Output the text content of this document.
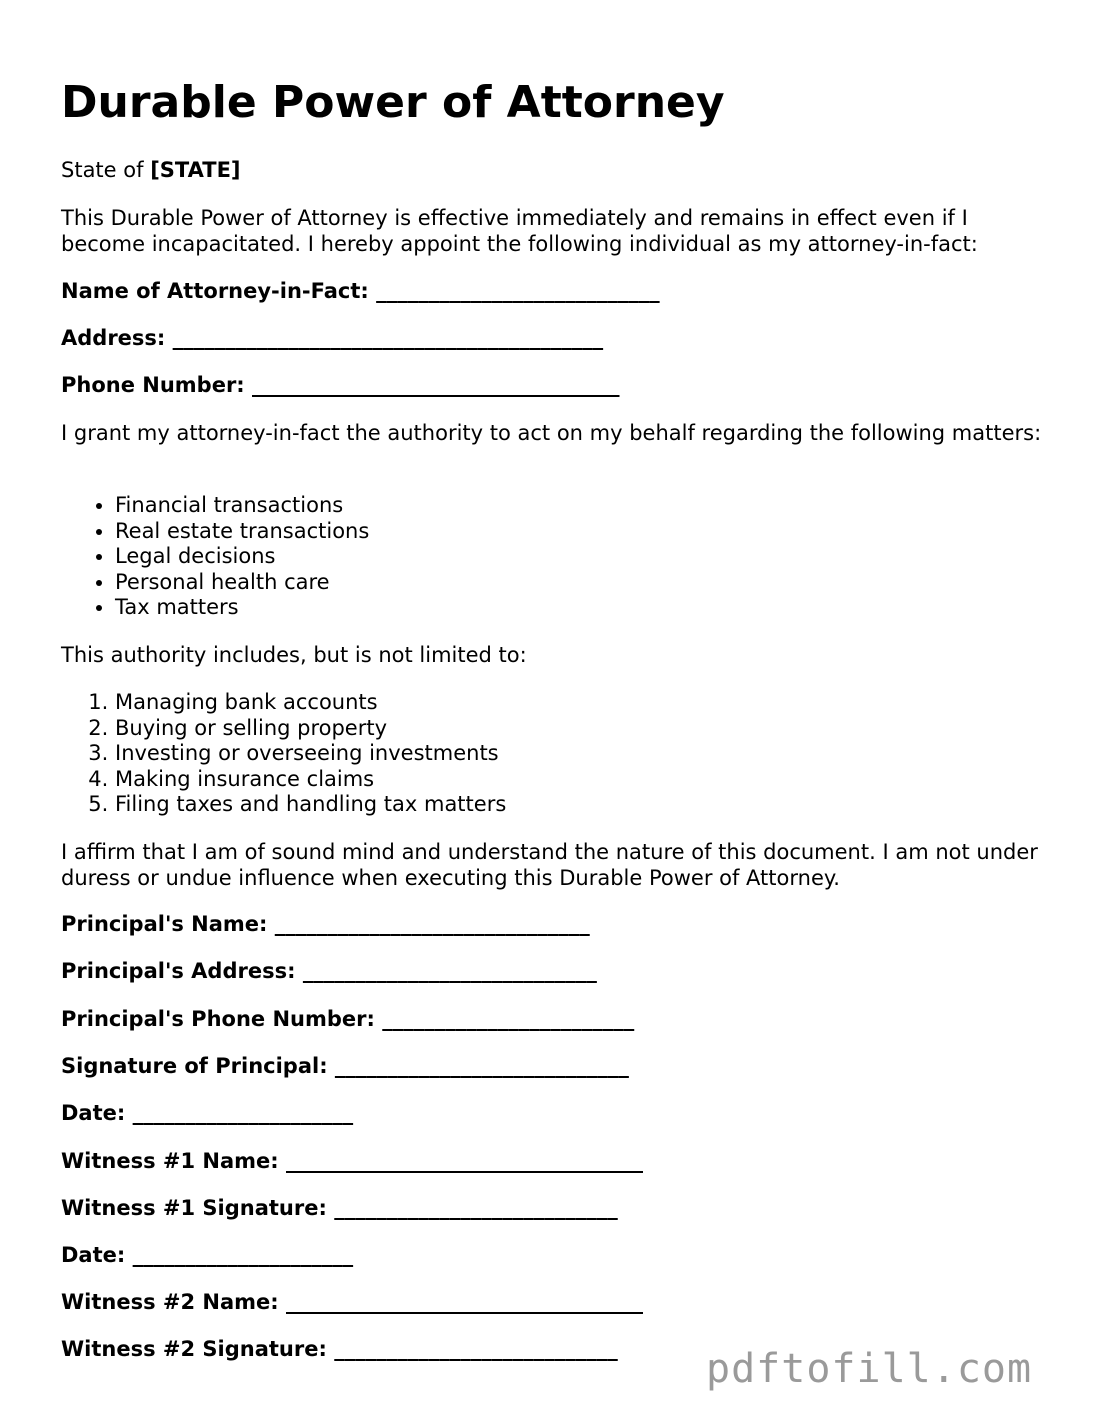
Durable Power of Attorney

State of [STATE]

This Durable Power of Attorney is effective immediately and remains in effect even if I become incapacitated. I hereby appoint the following individual as my attorney-in-fact:

Name of Attorney-in-Fact: ___________________________

Address: _________________________________________

Phone Number: ___________________________________

I grant my attorney-in-fact the authority to act on my behalf regarding the following matters:

• Financial transactions
• Real estate transactions
• Legal decisions
• Personal health care
• Tax matters

This authority includes, but is not limited to:

1. Managing bank accounts
2. Buying or selling property
3. Investing or overseeing investments
4. Making insurance claims
5. Filing taxes and handling tax matters

I affirm that I am of sound mind and understand the nature of this document. I am not under duress or undue influence when executing this Durable Power of Attorney.

Principal's Name: ______________________________

Principal's Address: ____________________________

Principal's Phone Number: ________________________

Signature of Principal: ____________________________

Date: _____________________

Witness #1 Name: __________________________________

Witness #1 Signature: ___________________________

Date: _____________________

Witness #2 Name: __________________________________

Witness #2 Signature: ___________________________	pdftofill.com
